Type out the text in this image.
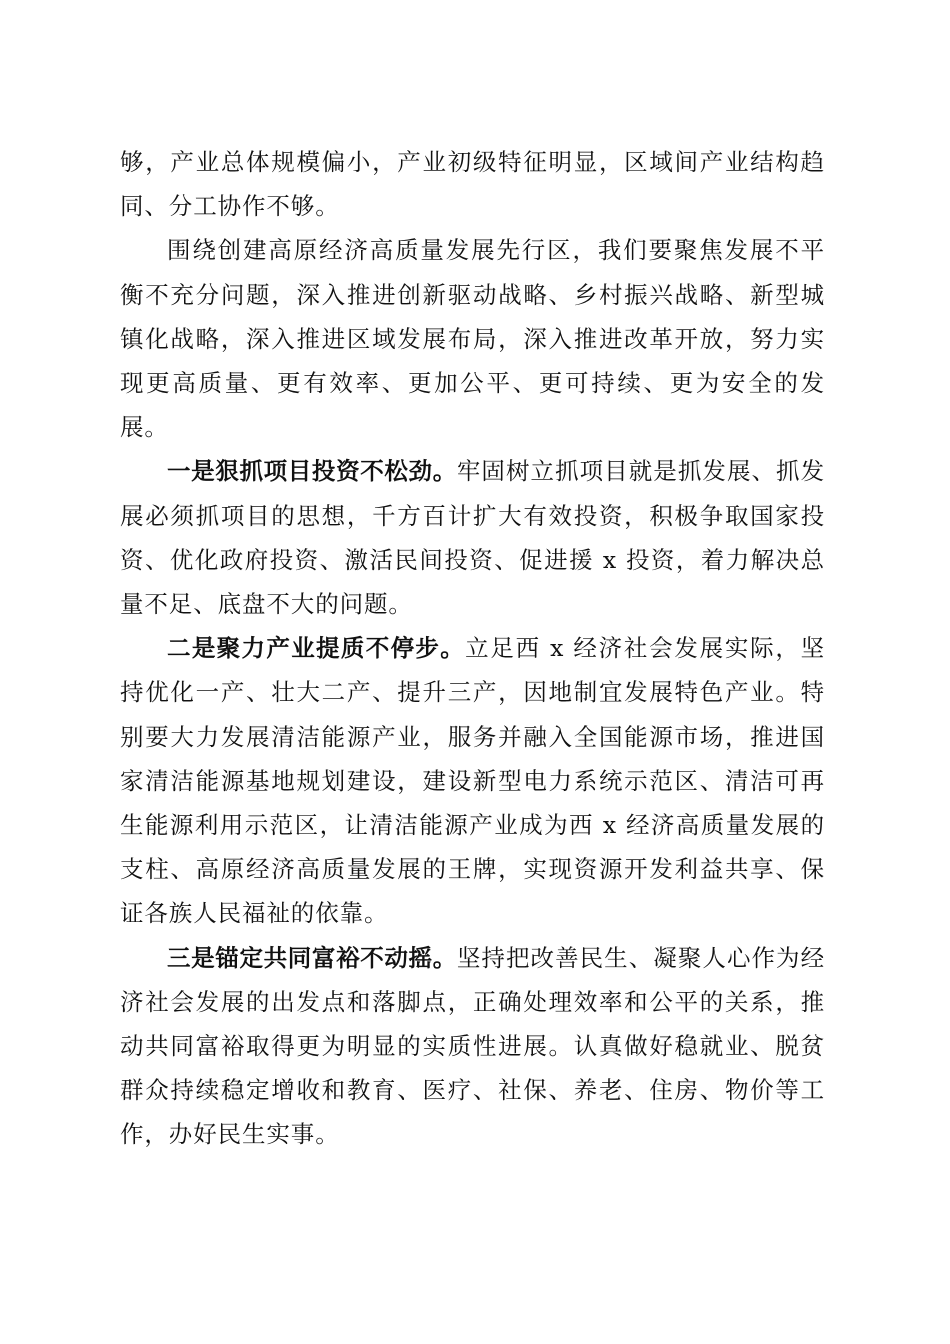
够，产业总体规模偏小，产业初级特征明显，区域间产业结构趋同、分工协作不够。

围绕创建高原经济高质量发展先行区，我们要聚焦发展不平衡不充分问题，深入推进创新驱动战略、乡村振兴战略、新型城镇化战略，深入推进区域发展布局，深入推进改革开放，努力实现更高质量、更有效率、更加公平、更可持续、更为安全的发展。

一是狠抓项目投资不松劲。牢固树立抓项目就是抓发展、抓发展必须抓项目的思想，千方百计扩大有效投资，积极争取国家投资、优化政府投资、激活民间投资、促进援 x 投资，着力解决总量不足、底盘不大的问题。

二是聚力产业提质不停步。立足西 x 经济社会发展实际，坚持优化一产、壮大二产、提升三产，因地制宜发展特色产业。特别要大力发展清洁能源产业，服务并融入全国能源市场，推进国家清洁能源基地规划建设，建设新型电力系统示范区、清洁可再生能源利用示范区，让清洁能源产业成为西 x 经济高质量发展的支柱、高原经济高质量发展的王牌，实现资源开发利益共享、保证各族人民福祉的依靠。

三是锚定共同富裕不动摇。坚持把改善民生、凝聚人心作为经济社会发展的出发点和落脚点，正确处理效率和公平的关系，推动共同富裕取得更为明显的实质性进展。认真做好稳就业、脱贫群众持续稳定增收和教育、医疗、社保、养老、住房、物价等工作，办好民生实事。
